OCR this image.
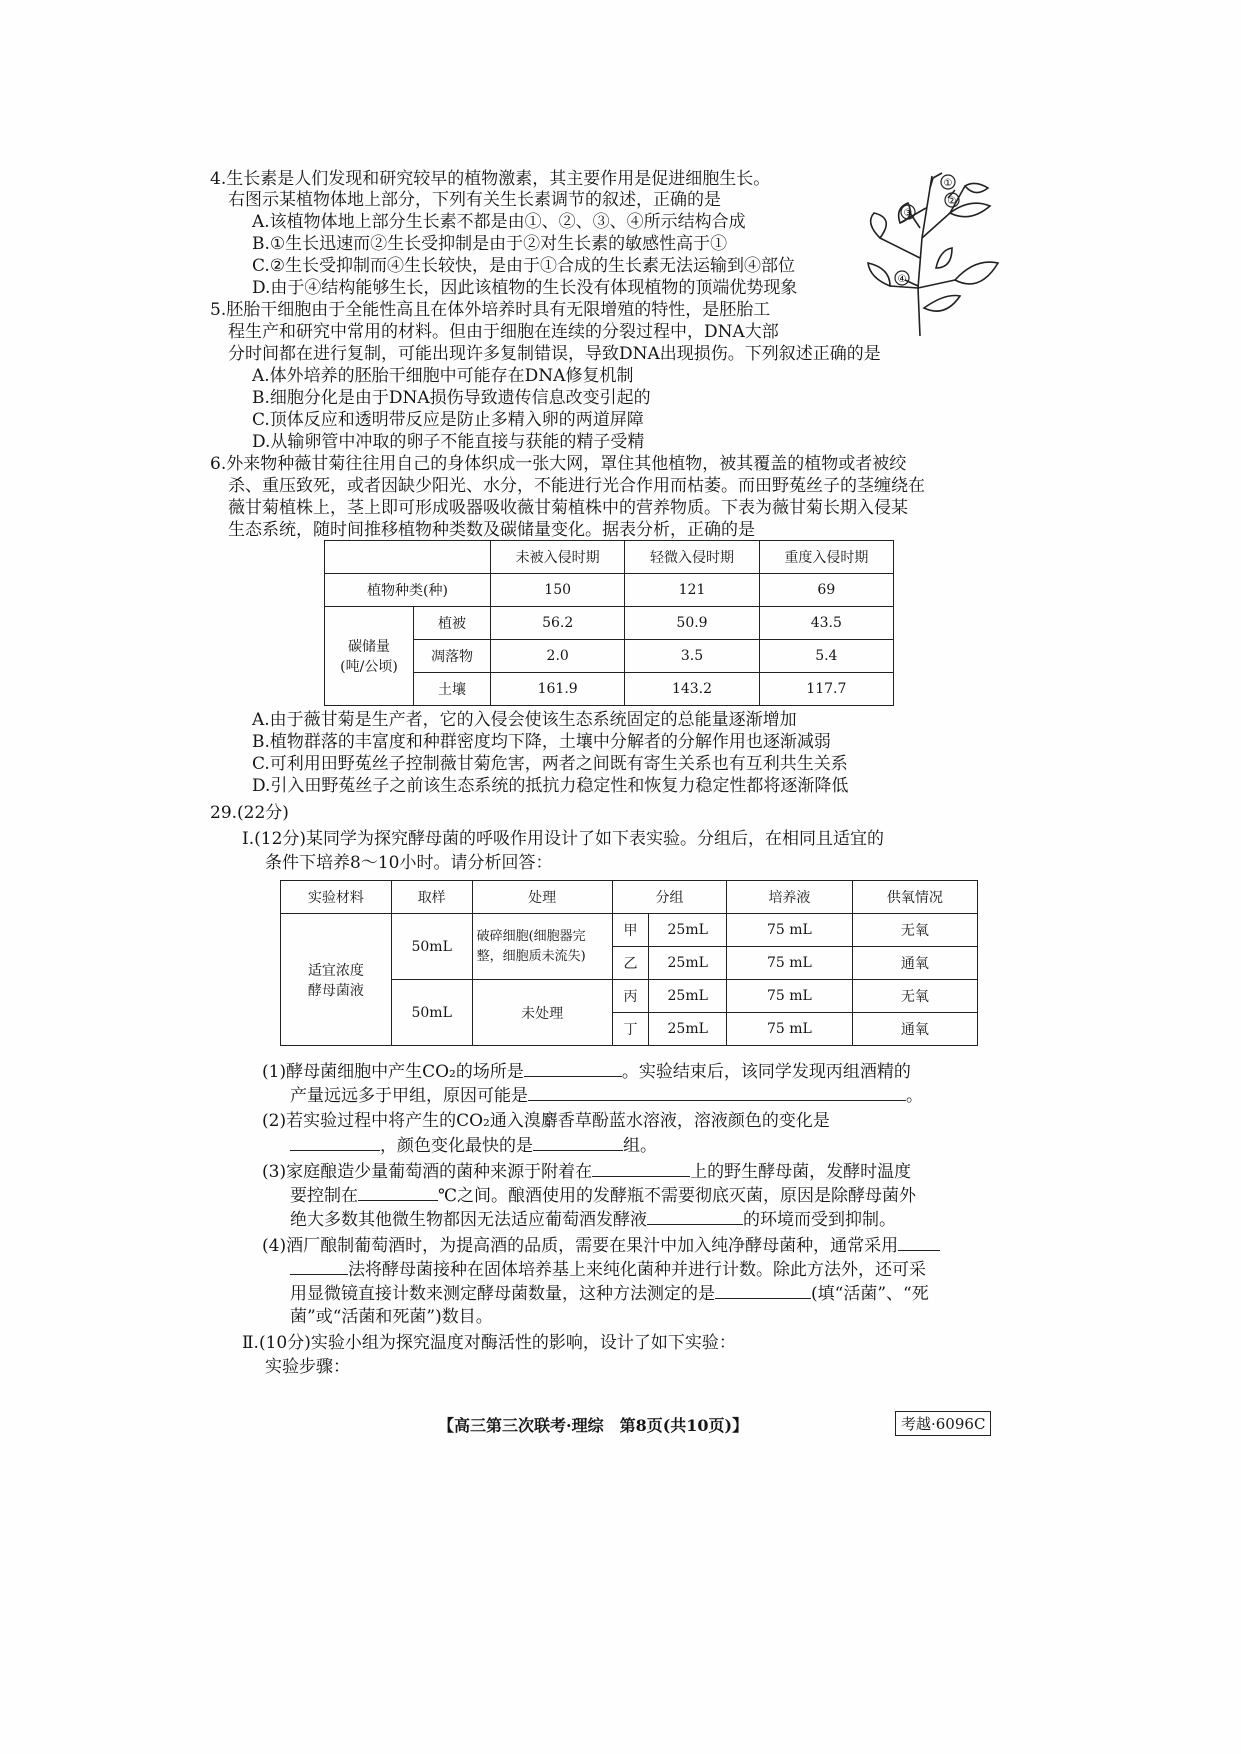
4.生长素是人们发现和研究较早的植物激素，其主要作用是促进细胞生长。
右图示某植物体地上部分，下列有关生长素调节的叙述，正确的是
A.该植物体地上部分生长素不都是由①、②、③、④所示结构合成
B.①生长迅速而②生长受抑制是由于②对生长素的敏感性高于①
C.②生长受抑制而④生长较快，是由于①合成的生长素无法运输到④部位
D.由于④结构能够生长，因此该植物的生长没有体现植物的顶端优势现象
①
②
③
④
5.胚胎干细胞由于全能性高且在体外培养时具有无限增殖的特性，是胚胎工
程生产和研究中常用的材料。但由于细胞在连续的分裂过程中，DNA大部
分时间都在进行复制，可能出现许多复制错误，导致DNA出现损伤。下列叙述正确的是
A.体外培养的胚胎干细胞中可能存在DNA修复机制
B.细胞分化是由于DNA损伤导致遗传信息改变引起的
C.顶体反应和透明带反应是防止多精入卵的两道屏障
D.从输卵管中冲取的卵子不能直接与获能的精子受精
6.外来物种薇甘菊往往用自己的身体织成一张大网，罩住其他植物，被其覆盖的植物或者被绞
杀、重压致死，或者因缺少阳光、水分，不能进行光合作用而枯萎。而田野菟丝子的茎缠绕在
薇甘菊植株上，茎上即可形成吸器吸收薇甘菊植株中的营养物质。下表为薇甘菊长期入侵某
生态系统，随时间推移植物种类数及碳储量变化。据表分析，正确的是
		未被入侵时期	轻微入侵时期	重度入侵时期
植物种类(种)		150	121	69
碳储量
(吨/公顷)	植被	56.2	50.9	43.5
	凋落物	2.0	3.5	5.4
	土壤	161.9	143.2	117.7
A.由于薇甘菊是生产者，它的入侵会使该生态系统固定的总能量逐渐增加
B.植物群落的丰富度和种群密度均下降，土壤中分解者的分解作用也逐渐减弱
C.可利用田野菟丝子控制薇甘菊危害，两者之间既有寄生关系也有互利共生关系
D.引入田野菟丝子之前该生态系统的抵抗力稳定性和恢复力稳定性都将逐渐降低
29.(22分)
Ⅰ.(12分)某同学为探究酵母菌的呼吸作用设计了如下表实验。分组后，在相同且适宜的
条件下培养8～10小时。请分析回答：
实验材料	取样	处理	分组		培养液	供氧情况
适宜浓度
酵母菌液	50mL	破碎细胞(细胞器完整，细胞质未流失)	甲	25mL	75 mL	无氧
			乙	25mL	75 mL	通氧
	50mL	未处理	丙	25mL	75 mL	无氧
			丁	25mL	75 mL	通氧
(1)酵母菌细胞中产生CO₂的场所是	。实验结束后，该同学发现丙组酒精的
产量远远多于甲组，原因可能是	。
(2)若实验过程中将产生的CO₂通入溴麝香草酚蓝水溶液，溶液颜色的变化是
，颜色变化最快的是	组。
(3)家庭酿造少量葡萄酒的菌种来源于附着在	上的野生酵母菌，发酵时温度
要控制在	℃之间。酿酒使用的发酵瓶不需要彻底灭菌，原因是除酵母菌外
绝大多数其他微生物都因无法适应葡萄酒发酵液	的环境而受到抑制。
(4)酒厂酿制葡萄酒时，为提高酒的品质，需要在果汁中加入纯净酵母菌种，通常采用
法将酵母菌接种在固体培养基上来纯化菌种并进行计数。除此方法外，还可采
用显微镜直接计数来测定酵母菌数量，这种方法测定的是	(填“活菌”、“死
菌”或“活菌和死菌”)数目。
Ⅱ.(10分)实验小组为探究温度对酶活性的影响，设计了如下实验：
实验步骤：
【高三第三次联考·理综　第8页(共10页)】	考越·6096C
